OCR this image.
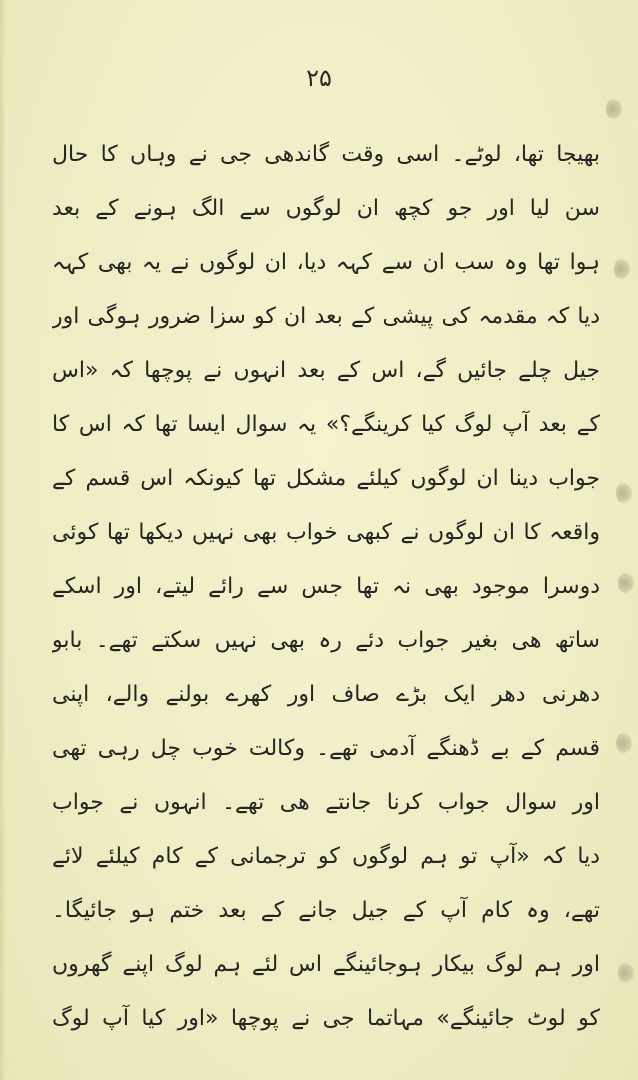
۲۵
بھیجا تھا، لوٹے۔ اسی وقت گاندھی جی نے وہاں کا حال
سن لیا اور جو کچھ ان لوگوں سے الگ ہونے کے بعد
ہوا تھا وہ سب ان سے کہہ دیا، ان لوگوں نے یہ بھی کہہ
دیا کہ مقدمہ کی پیشی کے بعد ان کو سزا ضرور ہوگی اور
جیل چلے جائیں گے، اس کے بعد انہوں نے پوچھا کہ «اس
کے بعد آپ لوگ کیا کرینگے؟» یہ سوال ایسا تھا کہ اس کا
جواب دینا ان لوگوں کیلئے مشکل تھا کیونکہ اس قسم کے
واقعہ کا ان لوگوں نے کبھی خواب بھی نہیں دیکھا تھا کوئی
دوسرا موجود بھی نہ تھا جس سے رائے لیتے، اور اسکے
ساتھ ھی بغیر جواب دئے رہ بھی نہیں سکتے تھے۔ بابو
دھرنی دھر ایک بڑے صاف اور کھرے بولنے والے، اپنی
قسم کے بے ڈھنگے آدمی تھے۔ وکالت خوب چل رہی تھی
اور سوال جواب کرنا جانتے ھی تھے۔ انہوں نے جواب
دیا کہ «آپ تو ہم لوگوں کو ترجمانی کے کام کیلئے لائے
تھے، وہ کام آپ کے جیل جانے کے بعد ختم ہو جائیگا۔
اور ہم لوگ بیکار ہوجائینگے اس لئے ہم لوگ اپنے گھروں
کو لوٹ جائینگے» مہاتما جی نے پوچھا «اور کیا آپ لوگ
